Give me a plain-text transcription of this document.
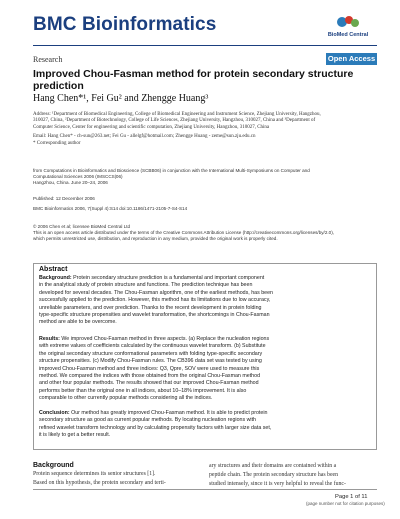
BMC Bioinformatics	BioMed Central
Research	Open Access
Improved Chou-Fasman method for protein secondary structure prediction
Hang Chen*¹, Fei Gu² and Zhengge Huang³
Address: ¹Department of Biomedical Engineering, College of Biomedical Engineering and Instrument Science, Zhejiang University, Hangzhou,
310027, China, ²Department of Biotechnology, College of Life Sciences, Zhejiang University, Hangzhou, 310027, China and ³Department of
Computer Science, Center for engineering and scientific computation, Zhejiang University, Hangzhou, 310027, China
Email: Hang Chen* - ch-sun@263.net; Fei Gu - allelgf@hotmail.com; Zhengge Huang - zeme@sun.zju.edu.cn
* Corresponding author
from Computations in Bioinformatics and Bioscience (SCBB06) in conjunction with the International Multi-Symposiums on Computer and
Computational Sciences 2006 (IMSCCS|06)
Hangzhou, China. June 20–24, 2006
Published: 12 December 2006
BMC Bioinformatics 2006, 7(Suppl 4):S14 doi:10.1186/1471-2105-7-S4-S14
© 2006 Chen et al; licensee BioMed Central Ltd
This is an open access article distributed under the terms of the Creative Commons Attribution License (http://creativecommons.org/licenses/by/2.0),
which permits unrestricted use, distribution, and reproduction in any medium, provided the original work is properly cited.
Abstract
Background: Protein secondary structure prediction is a fundamental and important component
in the analytical study of protein structure and functions. The prediction technique has been
developed for several decades. The Chou-Fasman algorithm, one of the earliest methods, has been
successfully applied to the prediction. However, this method has its limitations due to low accuracy,
unreliable parameters, and over prediction. Thanks to the recent development in protein folding
type-specific structure propensities and wavelet transformation, the shortcomings in Chou-Fasman
method are able to be overcome.
Results: We improved Chou-Fasman method in three aspects. (a) Replace the nucleation regions
with extreme values of coefficients calculated by the continuous wavelet transform. (b) Substitute
the original secondary structure conformational parameters with folding type-specific secondary
structure propensities. (c) Modify Chou-Fasman rules. The CB396 data set was tested by using
improved Chou-Fasman method and three indices: Q3, Qpre, SOV were used to measure this
method. We compared the indices with those obtained from the original Chou-Fasman method
and other four popular methods. The results showed that our improved Chou-Fasman method
performs better than the original one in all indices, about 10–18% improvement. It is also
comparable to other currently popular methods considering all the indices.
Conclusion: Our method has greatly improved Chou-Fasman method. It is able to predict protein
secondary structure as good as current popular methods. By locating nucleation regions with
refined wavelet transform technology and by calculating propensity factors with larger size data set,
it is likely to get a better result.
Background
Protein sequence determines its senior structures [1].
Based on this hypothesis, the protein secondary and terti-
ary structures and their domains are contained within a
peptide chain. The protein secondary structure has been
studied intensely, since it is very helpful to reveal the func-
Page 1 of 11
(page number not for citation purposes)
